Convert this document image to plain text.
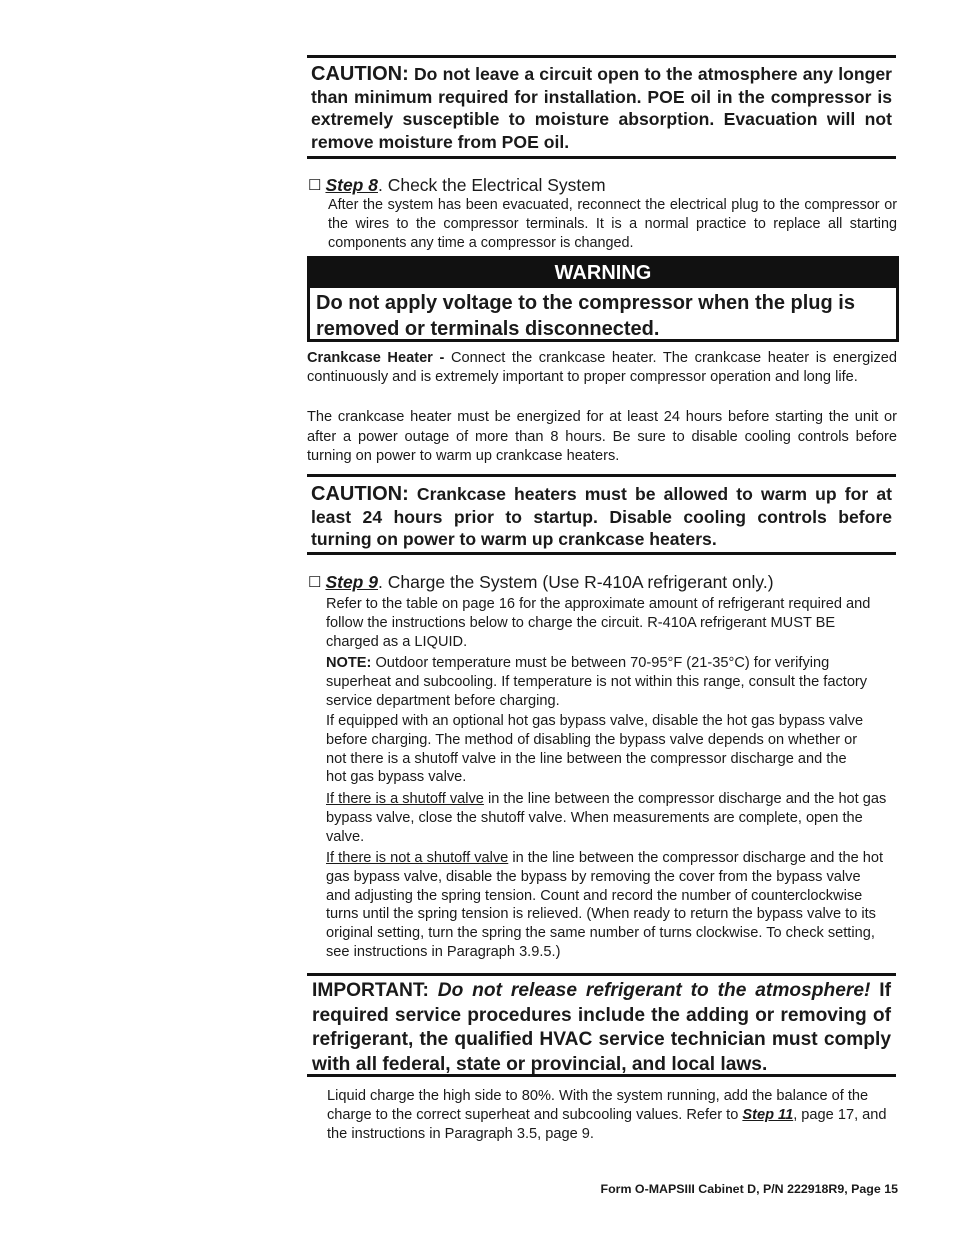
CAUTION: Do not leave a circuit open to the atmosphere any longer than minimum required for installation. POE oil in the compressor is extremely susceptible to moisture absorption. Evacuation will not remove moisture from POE oil.
☐ Step 8. Check the Electrical System
After the system has been evacuated, reconnect the electrical plug to the compressor or the wires to the compressor terminals. It is a normal practice to replace all starting components any time a compressor is changed.
WARNING
Do not apply voltage to the compressor when the plug is removed or terminals disconnected.
Crankcase Heater - Connect the crankcase heater. The crankcase heater is energized continuously and is extremely important to proper compressor operation and long life.
The crankcase heater must be energized for at least 24 hours before starting the unit or after a power outage of more than 8 hours. Be sure to disable cooling controls before turning on power to warm up crankcase heaters.
CAUTION: Crankcase heaters must be allowed to warm up for at least 24 hours prior to startup. Disable cooling controls before turning on power to warm up crankcase heaters.
☐ Step 9. Charge the System (Use R-410A refrigerant only.)
Refer to the table on page 16 for the approximate amount of refrigerant required and follow the instructions below to charge the circuit. R-410A refrigerant MUST BE charged as a LIQUID.
NOTE: Outdoor temperature must be between 70-95°F (21-35°C) for verifying superheat and subcooling. If temperature is not within this range, consult the factory service department before charging.
If equipped with an optional hot gas bypass valve, disable the hot gas bypass valve before charging. The method of disabling the bypass valve depends on whether or not there is a shutoff valve in the line between the compressor discharge and the hot gas bypass valve.
If there is a shutoff valve in the line between the compressor discharge and the hot gas bypass valve, close the shutoff valve. When measurements are complete, open the valve.
If there is not a shutoff valve in the line between the compressor discharge and the hot gas bypass valve, disable the bypass by removing the cover from the bypass valve and adjusting the spring tension. Count and record the number of counterclockwise turns until the spring tension is relieved. (When ready to return the bypass valve to its original setting, turn the spring the same number of turns clockwise. To check setting, see instructions in Paragraph 3.9.5.)
IMPORTANT: Do not release refrigerant to the atmosphere! If required service procedures include the adding or removing of refrigerant, the qualified HVAC service technician must comply with all federal, state or provincial, and local laws.
Liquid charge the high side to 80%. With the system running, add the balance of the charge to the correct superheat and subcooling values. Refer to Step 11, page 17, and the instructions in Paragraph 3.5, page 9.
Form O-MAPSIII Cabinet D, P/N 222918R9, Page 15
